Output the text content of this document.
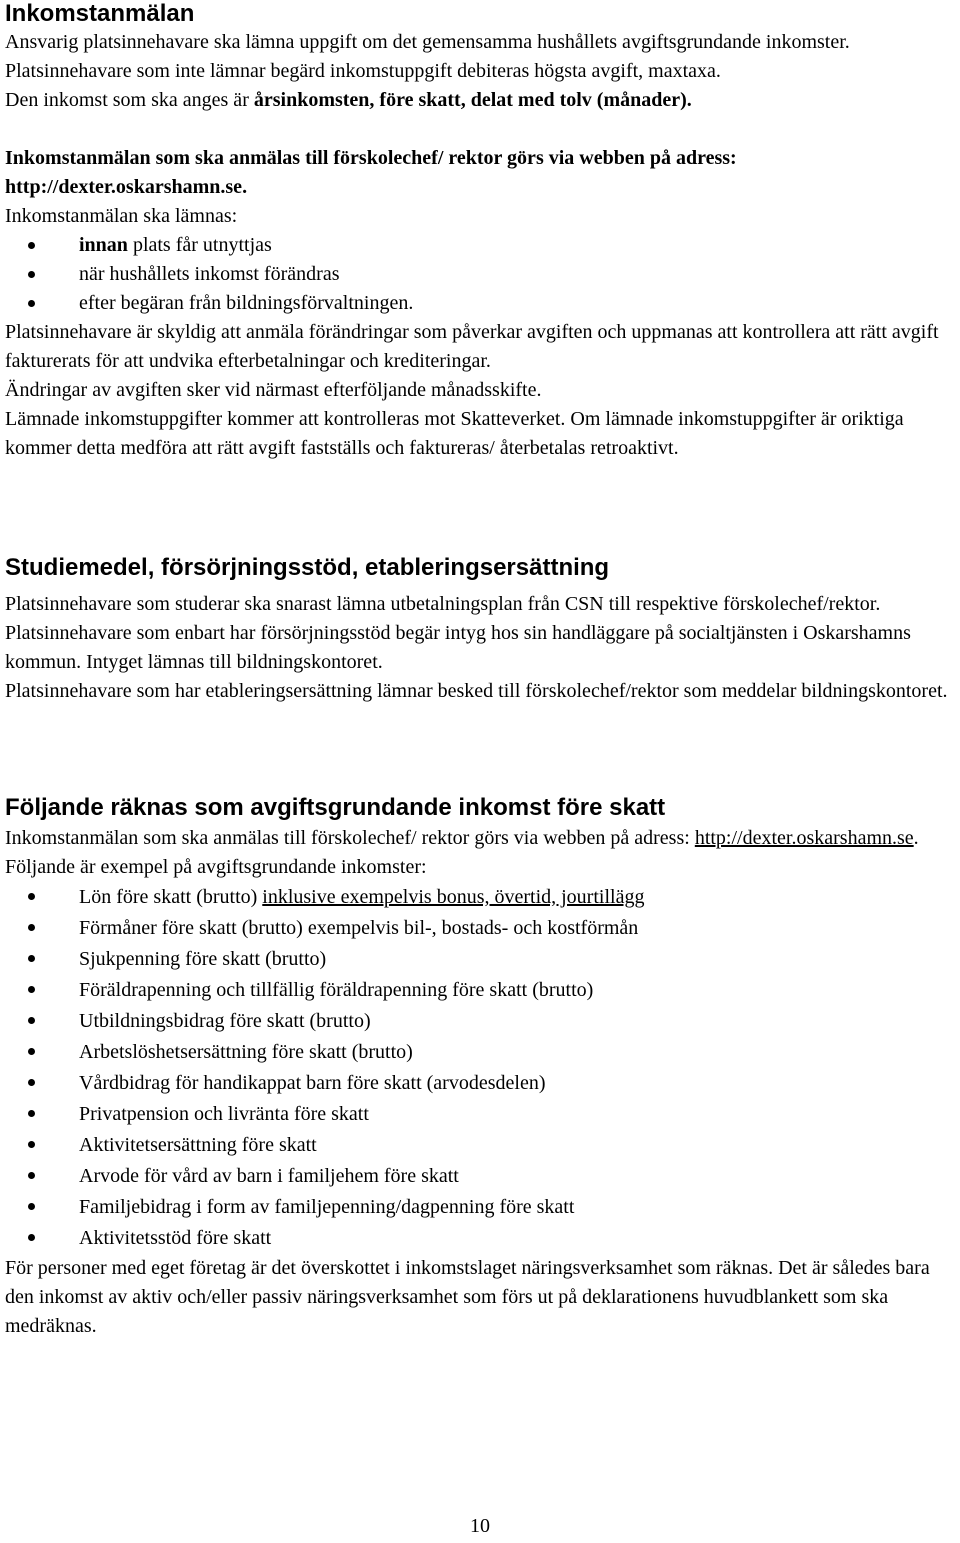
Inkomstanmälan

Ansvarig platsinnehavare ska lämna uppgift om det gemensamma hushållets avgiftsgrundande inkomster. Platsinnehavare som inte lämnar begärd inkomstuppgift debiteras högsta avgift, maxtaxa.

Den inkomst som ska anges är årsinkomsten, före skatt, delat med tolv (månader).

Inkomstanmälan som ska anmälas till förskolechef/ rektor görs via webben på adress: http://dexter.oskarshamn.se.

Inkomstanmälan ska lämnas:

innan plats får utnyttjas
när hushållets inkomst förändras
efter begäran från bildningsförvaltningen.

Platsinnehavare är skyldig att anmäla förändringar som påverkar avgiften och uppmanas att kontrollera att rätt avgift fakturerats för att undvika efterbetalningar och krediteringar.

Ändringar av avgiften sker vid närmast efterföljande månadsskifte.

Lämnade inkomstuppgifter kommer att kontrolleras mot Skatteverket. Om lämnade inkomstuppgifter är oriktiga kommer detta medföra att rätt avgift fastställs och faktureras/ återbetalas retroaktivt.

Studiemedel, försörjningsstöd, etableringsersättning

Platsinnehavare som studerar ska snarast lämna utbetalningsplan från CSN till respektive förskolechef/rektor.

Platsinnehavare som enbart har försörjningsstöd begär intyg hos sin handläggare på socialtjänsten i Oskarshamns kommun. Intyget lämnas till bildningskontoret.

Platsinnehavare som har etableringsersättning lämnar besked till förskolechef/rektor som meddelar bildningskontoret.

Följande räknas som avgiftsgrundande inkomst före skatt

Inkomstanmälan som ska anmälas till förskolechef/ rektor görs via webben på adress: http://dexter.oskarshamn.se.

Följande är exempel på avgiftsgrundande inkomster:

Lön före skatt (brutto) inklusive exempelvis bonus, övertid, jourtillägg
Förmåner före skatt (brutto) exempelvis bil-, bostads- och kostförmån
Sjukpenning före skatt (brutto)
Föräldrapenning och tillfällig föräldrapenning före skatt (brutto)
Utbildningsbidrag före skatt (brutto)
Arbetslöshetsersättning före skatt (brutto)
Vårdbidrag för handikappat barn före skatt (arvodesdelen)
Privatpension och livränta före skatt
Aktivitetsersättning före skatt
Arvode för vård av barn i familjehem före skatt
Familjebidrag i form av familjepenning/dagpenning före skatt
Aktivitetsstöd före skatt

För personer med eget företag är det överskottet i inkomstslaget näringsverksamhet som räknas. Det är således bara den inkomst av aktiv och/eller passiv näringsverksamhet som förs ut på deklarationens huvudblankett som ska medräknas.

10
